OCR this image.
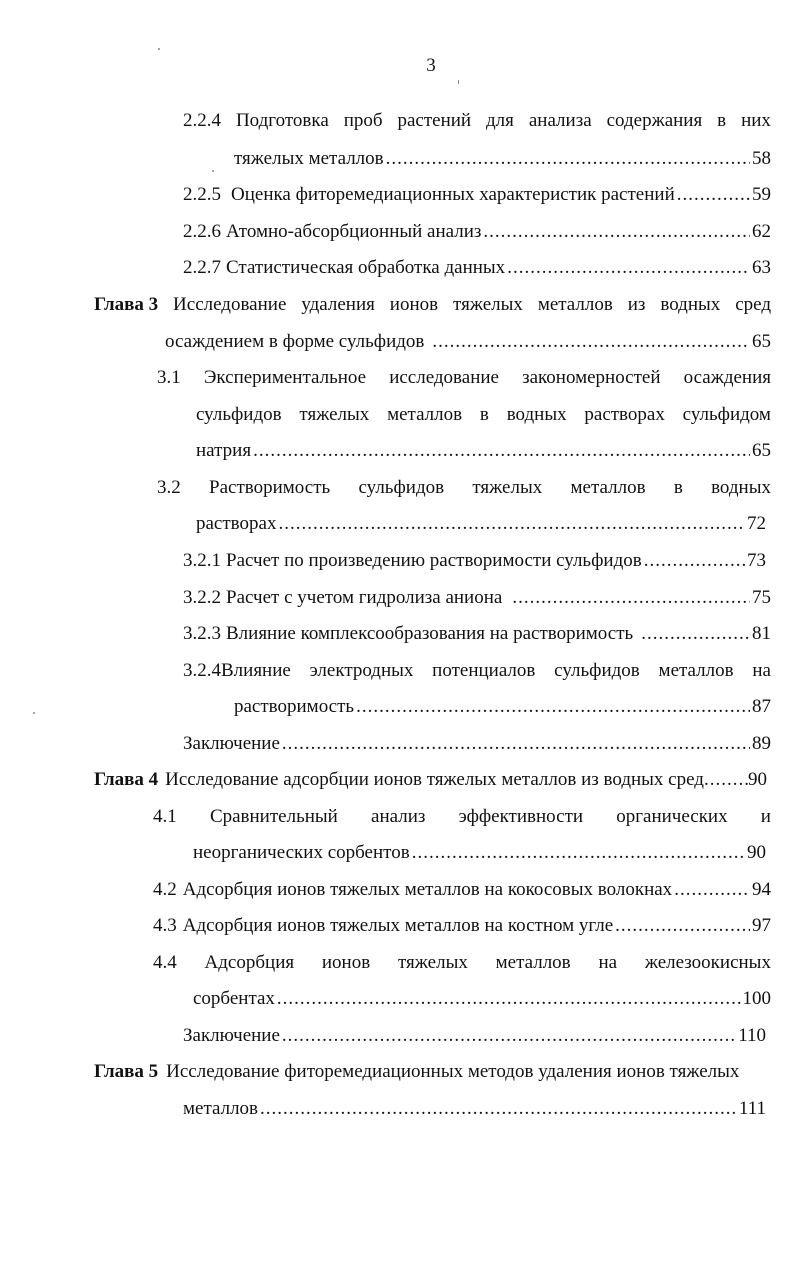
3
2.2.4 Подготовка проб растений для анализа содержания в них
тяжелых металлов .....	58
2.2.5 Оценка фиторемедиационных характеристик растений .....	59
2.2.6 Атомно-абсорбционный анализ .....	62
2.2.7 Статистическая обработка данных .....	63
Глава 3 Исследование удаления ионов тяжелых металлов из водных сред
осаждением в форме сульфидов .....	65
3.1 Экспериментальное исследование закономерностей осаждения
сульфидов тяжелых металлов в водных растворах сульфидом
натрия .....	65
3.2 Растворимость сульфидов тяжелых металлов в водных
растворах .....	72
3.2.1 Расчет по произведению растворимости сульфидов .....	73
3.2.2 Расчет с учетом гидролиза аниона .....	75
3.2.3 Влияние комплексообразования на растворимость .....	81
3.2.4Влияние электродных потенциалов сульфидов металлов на
растворимость .....	87
Заключение .....	89
Глава 4 Исследование адсорбции ионов тяжелых металлов из водных сред ..... 90
4.1 Сравнительный анализ эффективности органических и
неорганических сорбентов .....	90
4.2 Адсорбция ионов тяжелых металлов на кокосовых волокнах .....	94
4.3 Адсорбция ионов тяжелых металлов на костном угле .....	97
4.4 Адсорбция ионов тяжелых металлов на железоокисных
сорбентах .....	100
Заключение .....	110
Глава 5 Исследование фиторемедиационных методов удаления ионов тяжелых
металлов .....	111
